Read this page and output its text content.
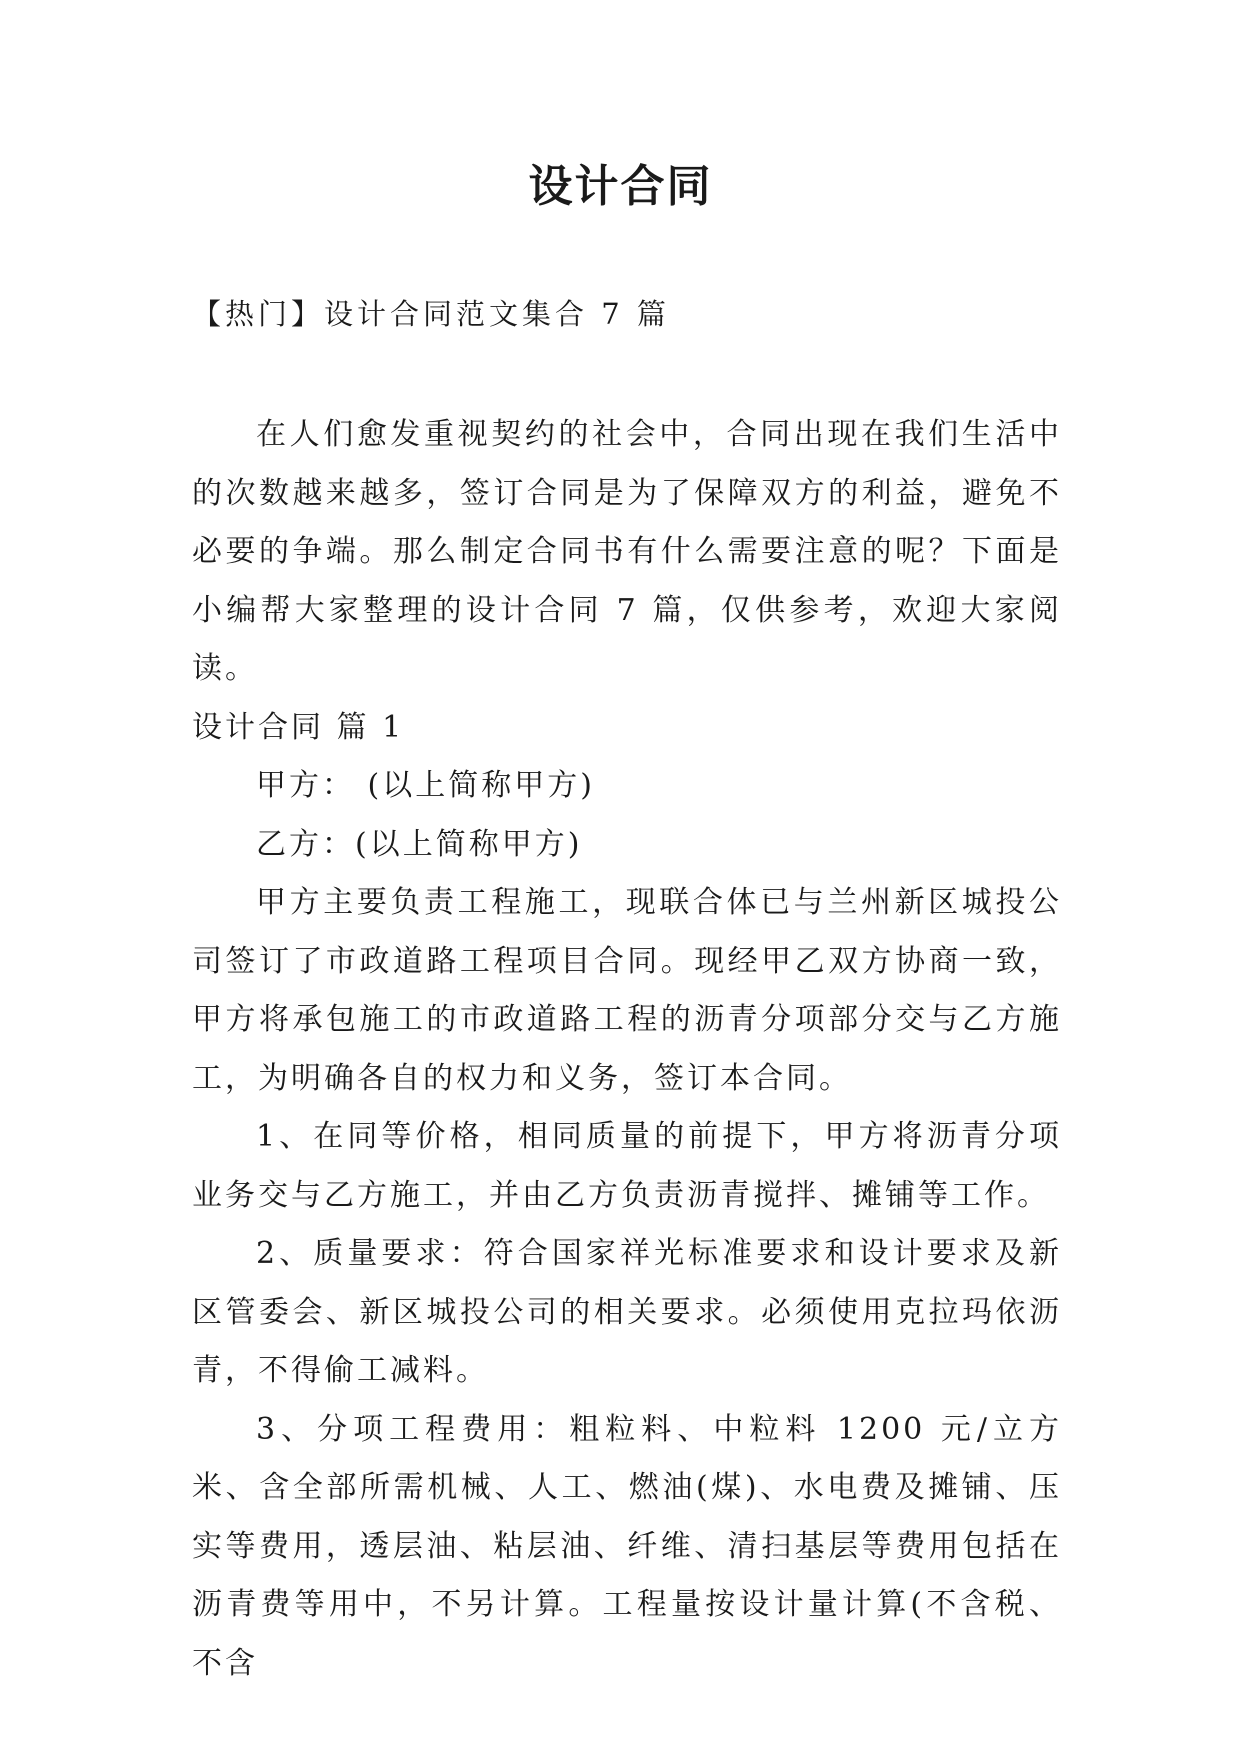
设计合同
【热门】设计合同范文集合 7 篇

在人们愈发重视契约的社会中，合同出现在我们生活中的次数越来越多，签订合同是为了保障双方的利益，避免不必要的争端。那么制定合同书有什么需要注意的呢？下面是小编帮大家整理的设计合同 7 篇，仅供参考，欢迎大家阅读。

设计合同 篇 1

甲方： (以上简称甲方)

乙方：(以上简称甲方)

甲方主要负责工程施工，现联合体已与兰州新区城投公司签订了市政道路工程项目合同。现经甲乙双方协商一致，甲方将承包施工的市政道路工程的沥青分项部分交与乙方施工，为明确各自的权力和义务，签订本合同。

1、在同等价格，相同质量的前提下，甲方将沥青分项业务交与乙方施工，并由乙方负责沥青搅拌、摊铺等工作。

2、质量要求：符合国家祥光标准要求和设计要求及新区管委会、新区城投公司的相关要求。必须使用克拉玛依沥青，不得偷工减料。

3、分项工程费用：粗粒料、中粒料 1200 元/立方米、含全部所需机械、人工、燃油(煤)、水电费及摊铺、压实等费用，透层油、粘层油、纤维、清扫基层等费用包括在沥青费等用中，不另计算。工程量按设计量计算(不含税、不含
